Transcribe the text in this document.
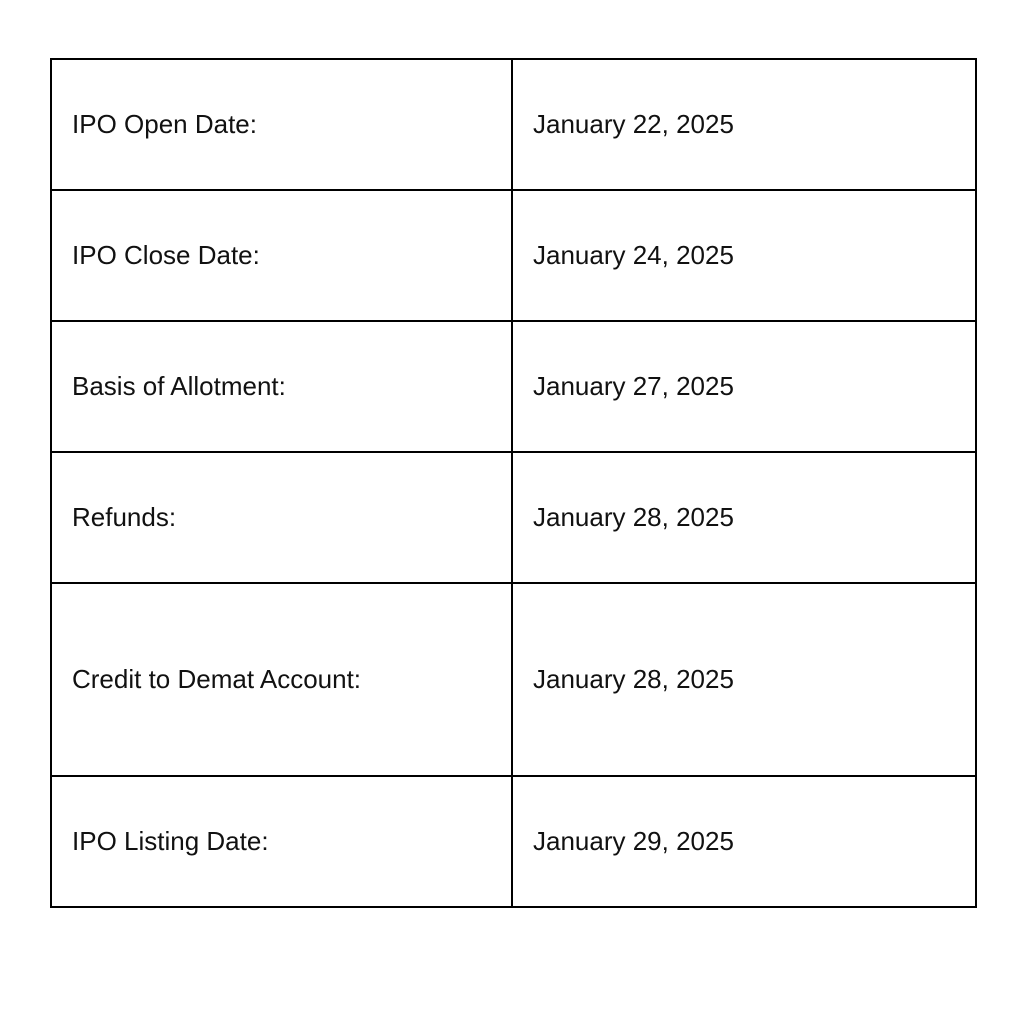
IPO Open Date:	January 22, 2025
IPO Close Date:	January 24, 2025
Basis of Allotment:	January 27, 2025
Refunds:	January 28, 2025
Credit to Demat Account:	January 28, 2025
IPO Listing Date:	January 29, 2025
